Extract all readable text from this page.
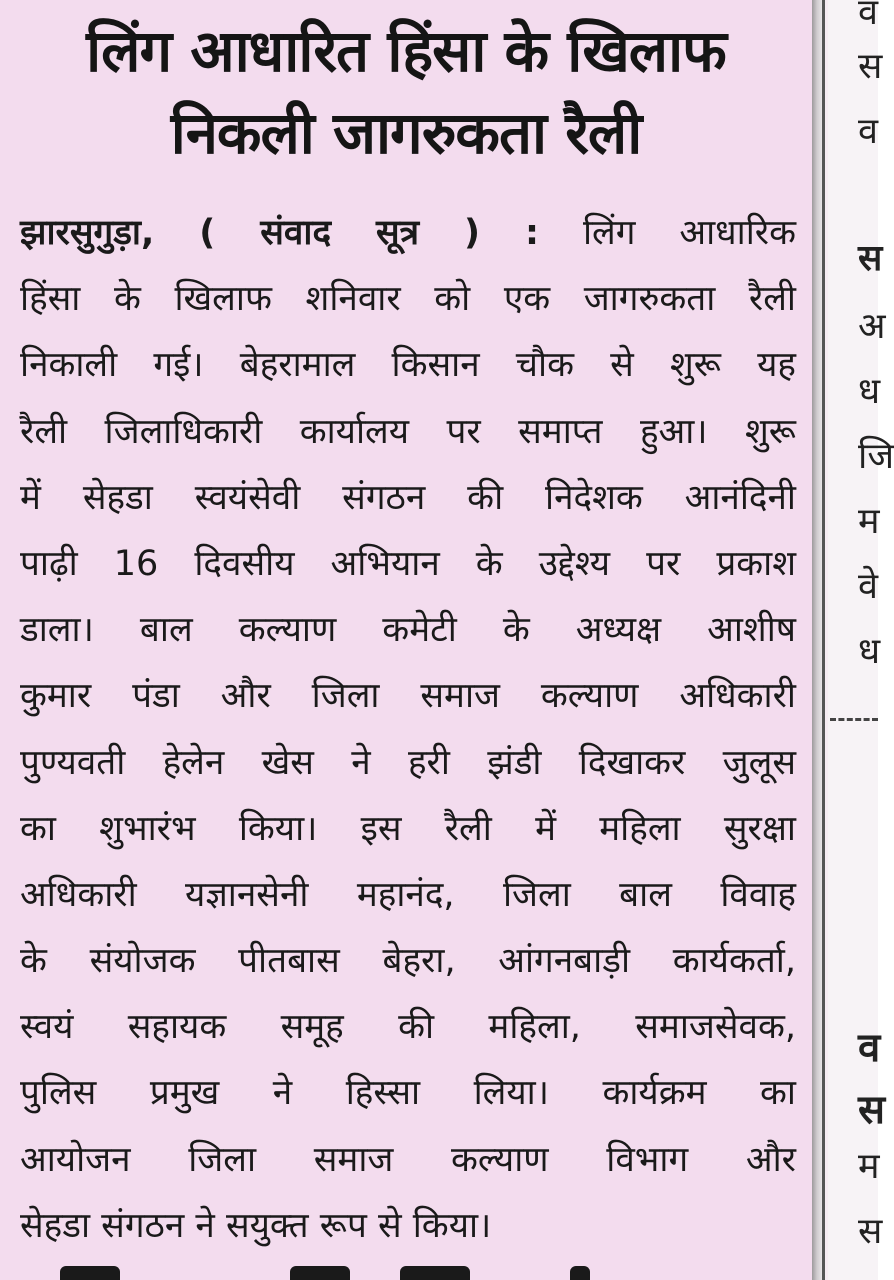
लिंग आधारित हिंसा के खिलाफ
निकली जागरुकता रैली
झारसुगुड़ा, ( संवाद सूत्र ) : लिंग आधारिक
हिंसा के खिलाफ शनिवार को एक जागरुकता रैली
निकाली गई। बेहरामाल किसान चौक से शुरू यह
रैली जिलाधिकारी कार्यालय पर समाप्त हुआ। शुरू
में सेहडा स्वयंसेवी संगठन की निदेशक आनंदिनी
पाढ़ी 16 दिवसीय अभियान के उद्देश्य पर प्रकाश
डाला। बाल कल्याण कमेटी के अध्यक्ष आशीष
कुमार पंडा और जिला समाज कल्याण अधिकारी
पुण्यवती हेलेन खेस ने हरी झंडी दिखाकर जुलूस
का शुभारंभ किया। इस रैली में महिला सुरक्षा
अधिकारी यज्ञानसेनी महानंद, जिला बाल विवाह
के संयोजक पीतबास बेहरा, आंगनबाड़ी कार्यकर्ता,
स्वयं सहायक समूह की महिला, समाजसेवक,
पुलिस प्रमुख ने हिस्सा लिया। कार्यक्रम का
आयोजन जिला समाज कल्याण विभाग और
सेहडा संगठन ने सयुक्त रूप से किया।
व
स
व
स
अ
ध
जि
म
वे
ध
व
स
म
स
